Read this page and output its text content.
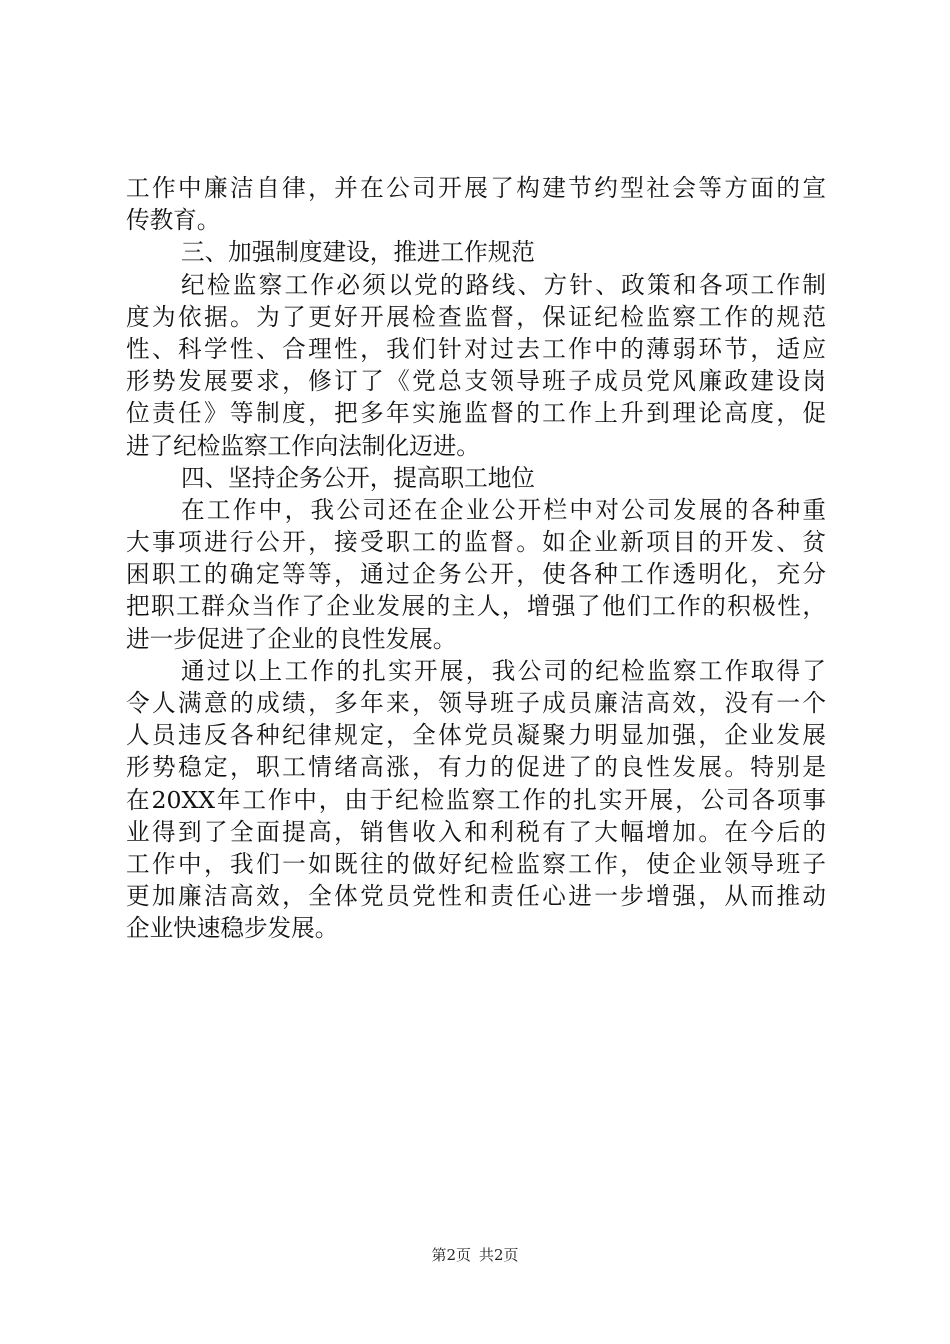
工作中廉洁自律，并在公司开展了构建节约型社会等方面的宣
传教育。
三、加强制度建设，推进工作规范
纪检监察工作必须以党的路线、方针、政策和各项工作制
度为依据。为了更好开展检查监督，保证纪检监察工作的规范
性、科学性、合理性，我们针对过去工作中的薄弱环节，适应
形势发展要求，修订了《党总支领导班子成员党风廉政建设岗
位责任》等制度，把多年实施监督的工作上升到理论高度，促
进了纪检监察工作向法制化迈进。
四、坚持企务公开，提高职工地位
在工作中，我公司还在企业公开栏中对公司发展的各种重
大事项进行公开，接受职工的监督。如企业新项目的开发、贫
困职工的确定等等，通过企务公开，使各种工作透明化，充分
把职工群众当作了企业发展的主人，增强了他们工作的积极性，
进一步促进了企业的良性发展。
通过以上工作的扎实开展，我公司的纪检监察工作取得了
令人满意的成绩，多年来，领导班子成员廉洁高效，没有一个
人员违反各种纪律规定，全体党员凝聚力明显加强，企业发展
形势稳定，职工情绪高涨，有力的促进了的良性发展。特别是
在20XX年工作中，由于纪检监察工作的扎实开展，公司各项事
业得到了全面提高，销售收入和利税有了大幅增加。在今后的
工作中，我们一如既往的做好纪检监察工作，使企业领导班子
更加廉洁高效，全体党员党性和责任心进一步增强，从而推动
企业快速稳步发展。
第2页 共2页
